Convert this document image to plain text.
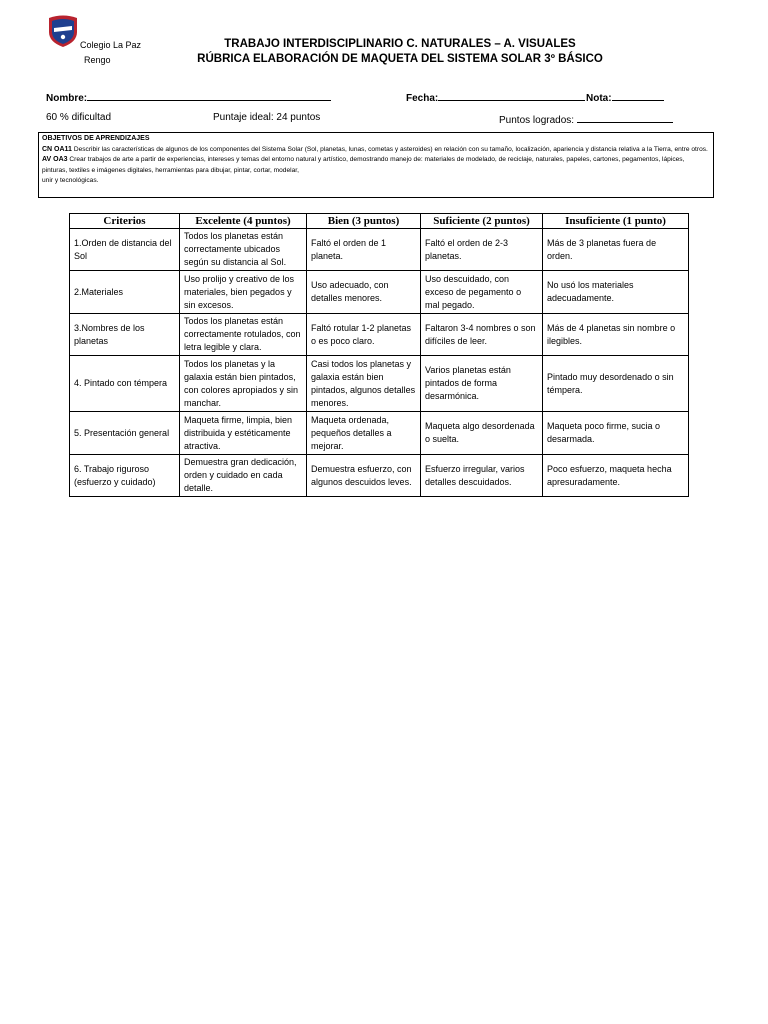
Colegio La Paz
Rengo
TRABAJO INTERDISCIPLINARIO C. NATURALES – A. VISUALES
RÚBRICA ELABORACIÓN DE MAQUETA DEL SISTEMA SOLAR 3º BÁSICO
Nombre:	Fecha:	Nota:
60 % dificultad	Puntaje ideal: 24 puntos	Puntos logrados:
OBJETIVOS DE APRENDIZAJES
CN OA11 Describir las características de algunos de los componentes del Sistema Solar (Sol, planetas, lunas, cometas y asteroides) en relación con su tamaño, localización, apariencia y distancia relativa a la Tierra, entre otros.
AV OA3 Crear trabajos de arte a partir de experiencias, intereses y temas del entorno natural y artístico, demostrando manejo de: materiales de modelado, de reciclaje, naturales, papeles, cartones, pegamentos, lápices, pinturas, textiles e imágenes digitales, herramientas para dibujar, pintar, cortar, modelar,
unir y tecnológicas.
Criterios	Excelente (4 puntos)	Bien (3 puntos)	Suficiente (2 puntos)	Insuficiente (1 punto)
1.Orden de distancia del Sol	Todos los planetas están correctamente ubicados según su distancia al Sol.	Faltó el orden de 1 planeta.	Faltó el orden de 2-3 planetas.	Más de 3 planetas fuera de orden.
2.Materiales	Uso prolijo y creativo de los materiales, bien pegados y sin excesos.	Uso adecuado, con detalles menores.	Uso descuidado, con exceso de pegamento o mal pegado.	No usó los materiales adecuadamente.
3.Nombres de los planetas	Todos los planetas están correctamente rotulados, con letra legible y clara.	Faltó rotular 1-2 planetas o es poco claro.	Faltaron 3-4 nombres o son difíciles de leer.	Más de 4 planetas sin nombre o ilegibles.
4. Pintado con témpera	Todos los planetas y la galaxia están bien pintados, con colores apropiados y sin manchar.	Casi todos los planetas y galaxia están bien pintados, algunos detalles menores.	Varios planetas están pintados de forma desarmónica.	Pintado muy desordenado o sin témpera.
5. Presentación general	Maqueta firme, limpia, bien distribuida y estéticamente atractiva.	Maqueta ordenada, pequeños detalles a mejorar.	Maqueta algo desordenada o suelta.	Maqueta poco firme, sucia o desarmada.
6. Trabajo riguroso (esfuerzo y cuidado)	Demuestra gran dedicación, orden y cuidado en cada detalle.	Demuestra esfuerzo, con algunos descuidos leves.	Esfuerzo irregular, varios detalles descuidados.	Poco esfuerzo, maqueta hecha apresuradamente.
